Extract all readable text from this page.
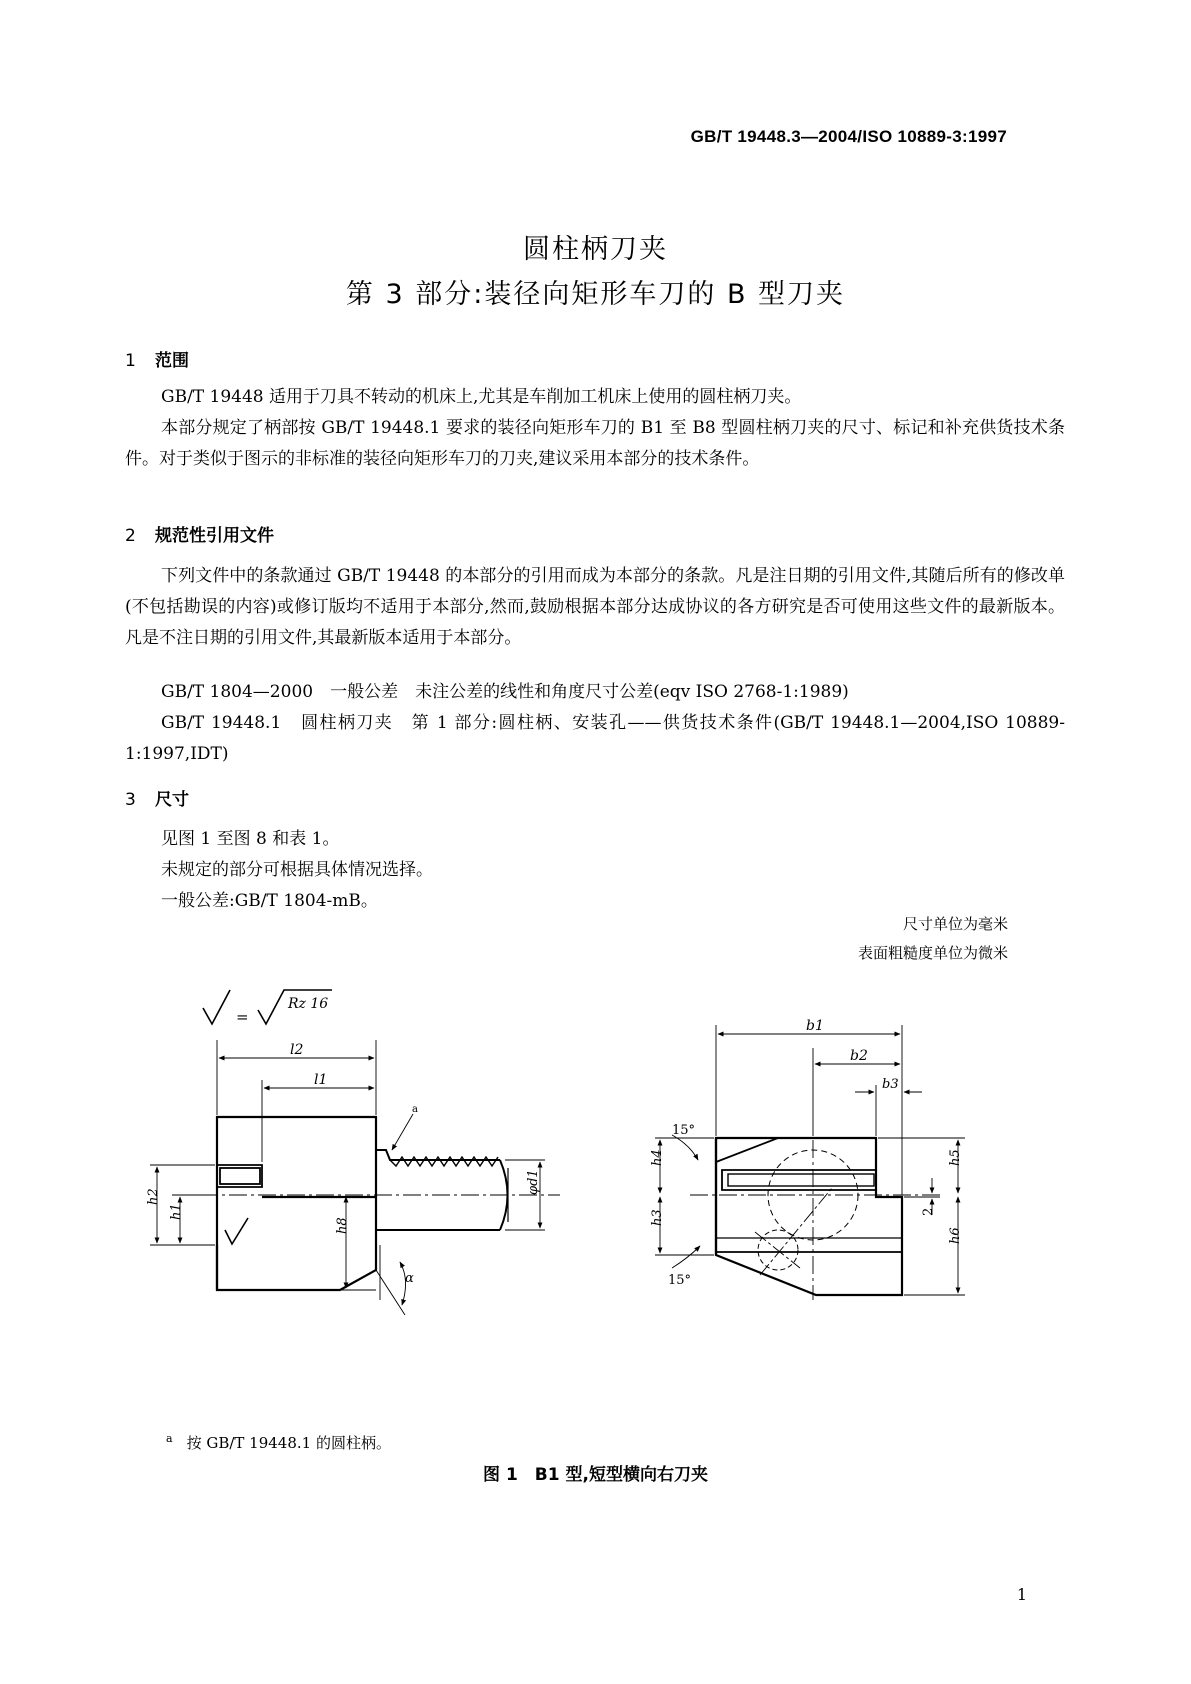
GB/T 19448.3—2004/ISO 10889-3:1997
圆柱柄刀夹
第 3 部分:装径向矩形车刀的 B 型刀夹
1 范围
GB/T 19448 适用于刀具不转动的机床上,尤其是车削加工机床上使用的圆柱柄刀夹。
本部分规定了柄部按 GB/T 19448.1 要求的装径向矩形车刀的 B1 至 B8 型圆柱柄刀夹的尺寸、标记和补充供货技术条件。对于类似于图示的非标准的装径向矩形车刀的刀夹,建议采用本部分的技术条件。
2 规范性引用文件
下列文件中的条款通过 GB/T 19448 的本部分的引用而成为本部分的条款。凡是注日期的引用文件,其随后所有的修改单(不包括勘误的内容)或修订版均不适用于本部分,然而,鼓励根据本部分达成协议的各方研究是否可使用这些文件的最新版本。凡是不注日期的引用文件,其最新版本适用于本部分。
GB/T 1804—2000　一般公差　未注公差的线性和角度尺寸公差(eqv ISO 2768-1:1989)
GB/T 19448.1　圆柱柄刀夹　第 1 部分:圆柱柄、安装孔——供货技术条件(GB/T 19448.1—2004,ISO 10889-1:1997,IDT)
3 尺寸
见图 1 至图 8 和表 1。
未规定的部分可根据具体情况选择。
一般公差:GB/T 1804-mB。
尺寸单位为毫米
表面粗糙度单位为微米
=
Rz 16
l2
l1
a
h2
h1
h8
φd1
α
b1
b2
b3
15°
15°
h4
h3
h5
h6
2
$^a$ 按 GB/T 19448.1 的圆柱柄。
图 1　B1 型,短型横向右刀夹
1
